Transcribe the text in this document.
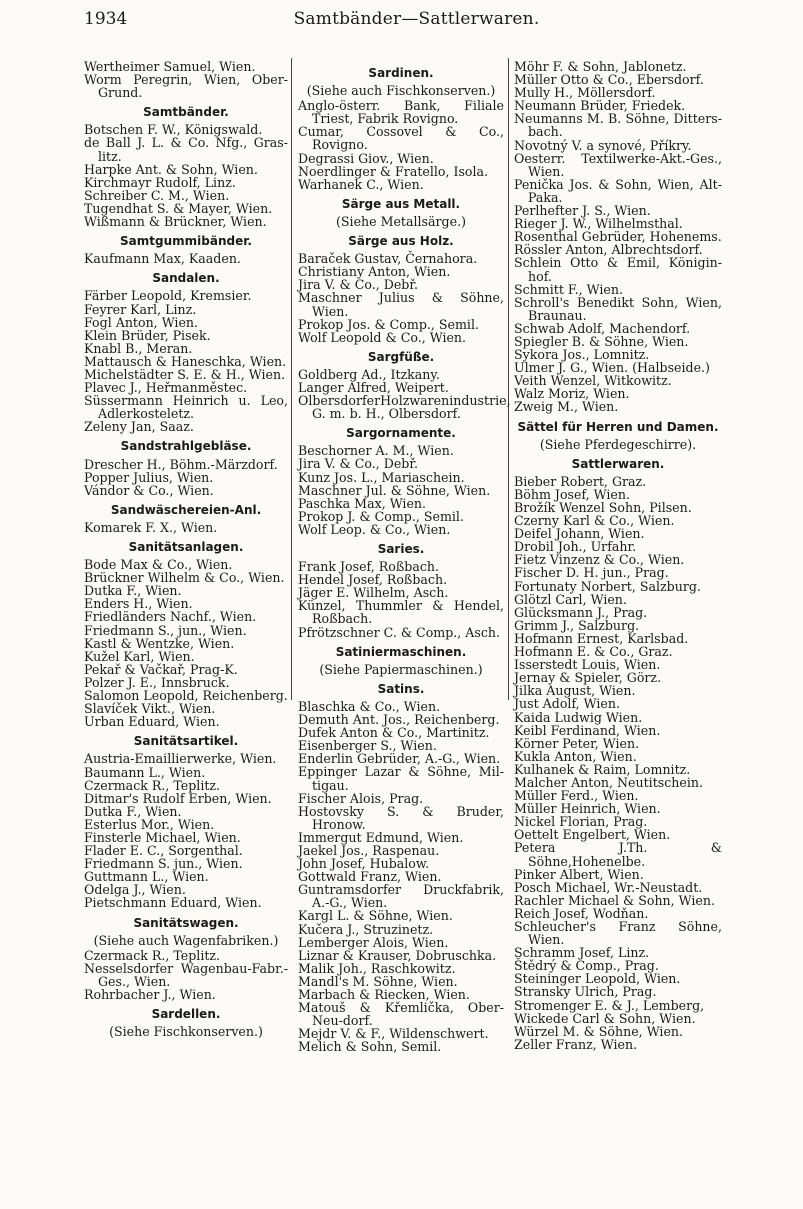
1934	Samtbänder—Sattlerwaren.
Wertheimer Samuel, Wien.
Worm Peregrin, Wien, Ober-Grund.
Samtbänder.
Botschen F. W., Königswald.
de Ball J. L. & Co. Nfg., Gras-litz.
Harpke Ant. & Sohn, Wien.
Kirchmayr Rudolf, Linz.
Schreiber C. M., Wien.
Tugendhat S. & Mayer, Wien.
Wißmann & Brückner, Wien.
Samtgummibänder.
Kaufmann Max, Kaaden.
Sandalen.
Färber Leopold, Kremsier.
Feyrer Karl, Linz.
Fogl Anton, Wien.
Klein Brüder, Pisek.
Knabl B., Meran.
Mattausch & Haneschka, Wien.
Michelstädter S. E. & H., Wien.
Plavec J., Heřmanměstec.
Süssermann Heinrich u. Leo, Adlerkosteletz.
Zeleny Jan, Saaz.
Sandstrahlgebläse.
Drescher H., Böhm.-Märzdorf.
Popper Julius, Wien.
Vándor & Co., Wien.
Sandwäschereien-Anl.
Komarek F. X., Wien.
Sanitätsanlagen.
Bode Max & Co., Wien.
Brückner Wilhelm & Co., Wien.
Dutka F., Wien.
Enders H., Wien.
Friedländers Nachf., Wien.
Friedmann S., jun., Wien.
Kastl & Wentzke, Wien.
Kužel Karl, Wien.
Pekař & Vačkař, Prag-K.
Polzer J. E., Innsbruck.
Salomon Leopold, Reichenberg.
Slavíček Vikt., Wien.
Urban Eduard, Wien.
Sanitätsartikel.
Austria-Emaillierwerke, Wien.
Baumann L., Wien.
Czermack R., Teplitz.
Ditmar's Rudolf Erben, Wien.
Dutka F., Wien.
Esterlus Mor., Wien.
Finsterle Michael, Wien.
Flader E. C., Sorgenthal.
Friedmann S. jun., Wien.
Guttmann L., Wien.
Odelga J., Wien.
Pietschmann Eduard, Wien.
Sanitätswagen.
(Siehe auch Wagenfabriken.)
Czermack R., Teplitz.
Nesselsdorfer Wagenbau-Fabr.-Ges., Wien.
Rohrbacher J., Wien.
Sardellen.
(Siehe Fischkonserven.)
Sardinen.
(Siehe auch Fischkonserven.)
Anglo-österr. Bank, Filiale Triest, Fabrik Rovigno.
Cumar, Cossovel & Co., Rovigno.
Degrassi Giov., Wien.
Noerdlinger & Fratello, Isola.
Warhanek C., Wien.
Särge aus Metall.
(Siehe Metallsärge.)
Särge aus Holz.
Baraček Gustav, Černahora.
Christiany Anton, Wien.
Jira V. & Co., Debř.
Maschner Julius & Söhne, Wien.
Prokop Jos. & Comp., Semil.
Wolf Leopold & Co., Wien.
Sargfüße.
Goldberg Ad., Itzkany.
Langer Alfred, Weipert.
OlbersdorferHolzwarenindustrie, G. m. b. H., Olbersdorf.
Sargornamente.
Beschorner A. M., Wien.
Jira V. & Co., Debř.
Kunz Jos. L., Mariaschein.
Maschner Jul. & Söhne, Wien.
Paschka Max, Wien.
Prokop J. & Comp., Semil.
Wolf Leop. & Co., Wien.
Saries.
Frank Josef, Roßbach.
Hendel Josef, Roßbach.
Jäger E. Wilhelm, Asch.
Künzel, Thummler & Hendel, Roßbach.
Pfrötzschner C. & Comp., Asch.
Satiniermaschinen.
(Siehe Papiermaschinen.)
Satins.
Blaschka & Co., Wien.
Demuth Ant. Jos., Reichenberg.
Dufek Anton & Co., Martinitz.
Eisenberger S., Wien.
Enderlin Gebrüder, A.-G., Wien.
Eppinger Lazar & Söhne, Mil-tigau.
Fischer Alois, Prag.
Hostovsky S. & Bruder, Hronow.
Immergut Edmund, Wien.
Jaekel Jos., Raspenau.
John Josef, Hubalow.
Gottwald Franz, Wien.
Guntramsdorfer Druckfabrik, A.-G., Wien.
Kargl L. & Söhne, Wien.
Kučera J., Struzinetz.
Lemberger Alois, Wien.
Liznar & Krauser, Dobruschka.
Malik Joh., Raschkowitz.
Mandl's M. Söhne, Wien.
Marbach & Riecken, Wien.
Matouš & Křemlička, Ober-Neu-dorf.
Mejdr V. & F., Wildenschwert.
Melich & Sohn, Semil.
Möhr F. & Sohn, Jablonetz.
Müller Otto & Co., Ebersdorf.
Mully H., Möllersdorf.
Neumann Brüder, Friedek.
Neumanns M. B. Söhne, Ditters-bach.
Novotný V. a synové, Příkry.
Oesterr. Textilwerke-Akt.-Ges., Wien.
Penička Jos. & Sohn, Wien, Alt-Paka.
Perlhefter J. S., Wien.
Rieger J. W., Wilhelmsthal.
Rosenthal Gebrüder, Hohenems.
Rössler Anton, Albrechtsdorf.
Schlein Otto & Emil, Königin-hof.
Schmitt F., Wien.
Schroll's Benedikt Sohn, Wien, Braunau.
Schwab Adolf, Machendorf.
Spiegler B. & Söhne, Wien.
Sykora Jos., Lomnitz.
Ulmer J. G., Wien. (Halbseide.)
Veith Wenzel, Witkowitz.
Walz Moriz, Wien.
Zweig M., Wien.
Sättel für Herren und Damen.
(Siehe Pferdegeschirre).
Sattlerwaren.
Bieber Robert, Graz.
Böhm Josef, Wien.
Brožík Wenzel Sohn, Pilsen.
Czerny Karl & Co., Wien.
Deifel Johann, Wien.
Drobil Joh., Urfahr.
Fietz Vinzenz & Co., Wien.
Fischer D. H. jun., Prag.
Fortunaty Norbert, Salzburg.
Glötzl Carl, Wien.
Glücksmann J., Prag.
Grimm J., Salzburg.
Hofmann Ernest, Karlsbad.
Hofmann E. & Co., Graz.
Isserstedt Louis, Wien.
Jernay & Spieler, Görz.
Jilka August, Wien.
Just Adolf, Wien.
Kaida Ludwig Wien.
Keibl Ferdinand, Wien.
Körner Peter, Wien.
Kukla Anton, Wien.
Kulhanek & Raim, Lomnitz.
Malcher Anton, Neutitschein.
Müller Ferd., Wien.
Müller Heinrich, Wien.
Nickel Florian, Prag.
Oettelt Engelbert, Wien.
Petera J.Th. & Söhne,Hohenelbe.
Pinker Albert, Wien.
Posch Michael, Wr.-Neustadt.
Rachler Michael & Sohn, Wien.
Reich Josef, Wodňan.
Schleucher's Franz Söhne, Wien.
Schramm Josef, Linz.
Štědrý & Comp., Prag.
Steininger Leopold, Wien.
Stransky Ulrich, Prag.
Stromenger E. & J., Lemberg,
Wickede Carl & Sohn, Wien.
Würzel M. & Söhne, Wien.
Zeller Franz, Wien.
